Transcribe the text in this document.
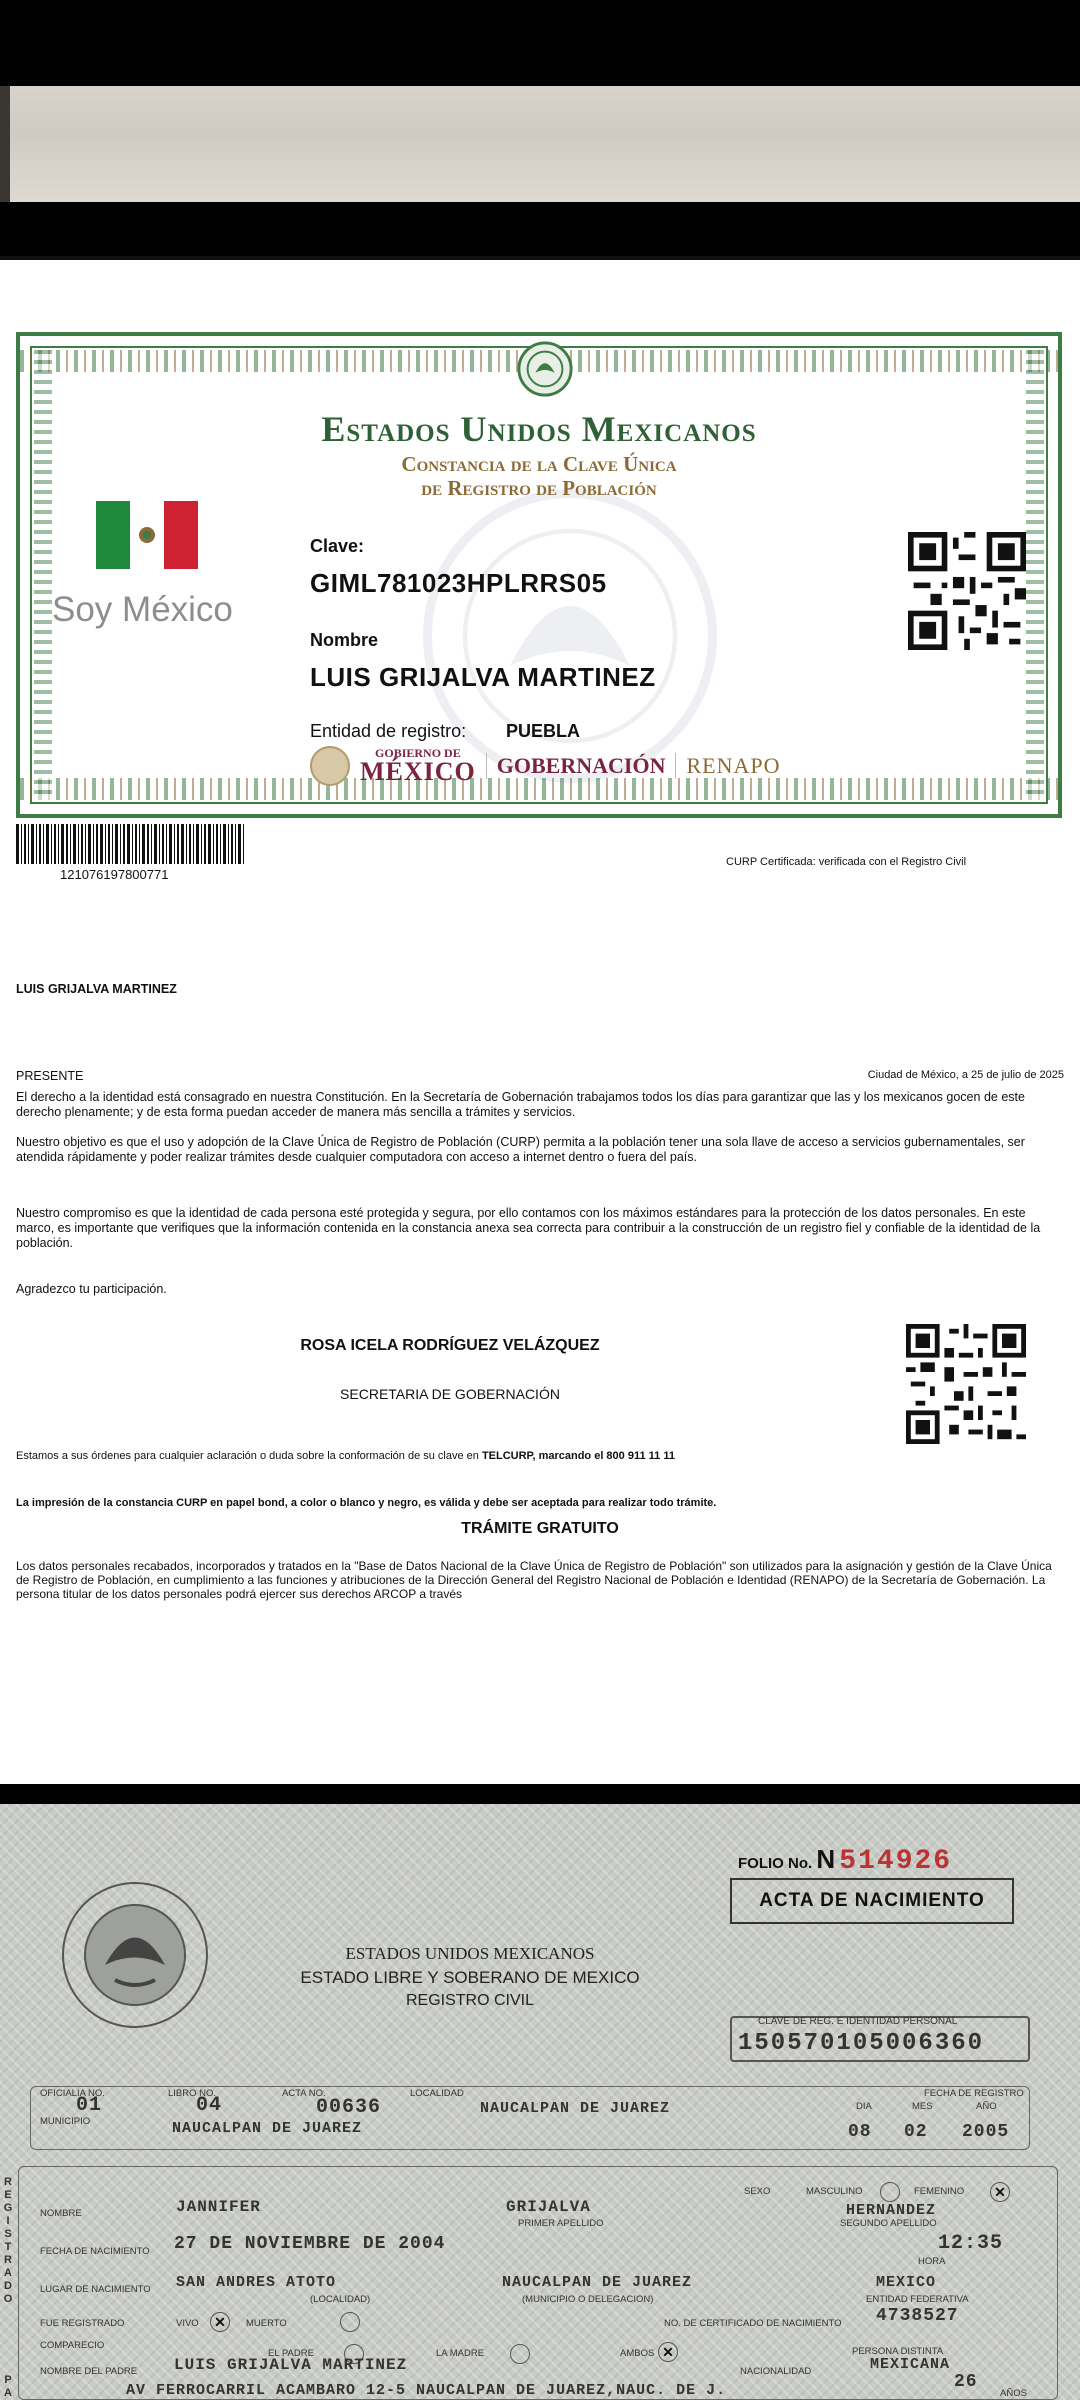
Estados Unidos Mexicanos
Constancia de la Clave Única
de Registro de Población
Soy México
Clave:
GIML781023HPLRRS05
Nombre
LUIS GRIJALVA MARTINEZ
Entidad de registro: PUEBLA
GOBIERNO DE
MÉXICO GOBERNACIÓN RENAPO
121076197800771
CURP Certificada: verificada con el Registro Civil
LUIS GRIJALVA MARTINEZ
PRESENTE	Ciudad de México, a 25 de julio de 2025
El derecho a la identidad está consagrado en nuestra Constitución. En la Secretaría de Gobernación trabajamos todos los días para garantizar que las y los mexicanos gocen de este derecho plenamente; y de esta forma puedan acceder de manera más sencilla a trámites y servicios.
Nuestro objetivo es que el uso y adopción de la Clave Única de Registro de Población (CURP) permita a la población tener una sola llave de acceso a servicios gubernamentales, ser atendida rápidamente y poder realizar trámites desde cualquier computadora con acceso a internet dentro o fuera del país.
Nuestro compromiso es que la identidad de cada persona esté protegida y segura, por ello contamos con los máximos estándares para la protección de los datos personales. En este marco, es importante que verifiques que la información contenida en la constancia anexa sea correcta para contribuir a la construcción de un registro fiel y confiable de la identidad de la población.
Agradezco tu participación.
ROSA ICELA RODRÍGUEZ VELÁZQUEZ
SECRETARIA DE GOBERNACIÓN
Estamos a sus órdenes para cualquier aclaración o duda sobre la conformación de su clave en TELCURP, marcando el 800 911 11 11
La impresión de la constancia CURP en papel bond, a color o blanco y negro, es válida y debe ser aceptada para realizar todo trámite.
TRÁMITE GRATUITO
Los datos personales recabados, incorporados y tratados en la "Base de Datos Nacional de la Clave Única de Registro de Población" son utilizados para la asignación y gestión de la Clave Única de Registro de Población, en cumplimiento a las funciones y atribuciones de la Dirección General del Registro Nacional de Población e Identidad (RENAPO) de la Secretaría de Gobernación. La persona titular de los datos personales podrá ejercer sus derechos ARCOP a través
FOLIO No. N 514926
ACTA DE NACIMIENTO
ESTADOS UNIDOS MEXICANOS
ESTADO LIBRE Y SOBERANO DE MEXICO
REGISTRO CIVIL
CLAVE DE REG. E IDENTIDAD PERSONAL
150570105006360
OFICIALIA NO.
01
LIBRO NO.
04
ACTA NO.
00636
LOCALIDAD
NAUCALPAN DE JUAREZ
MUNICIPIO	NAUCALPAN DE JUAREZ
FECHA DE REGISTRO
DIA	MES	AÑO
08 02 2005
REGISTRADO	NOMBRE	JANNIFER	GRIJALVA
PRIMER APELLIDO
SEXO	MASCULINO	FEMENINO ✕
HERNANDEZ
SEGUNDO APELLIDO
FECHA DE NACIMIENTO 27 DE NOVIEMBRE DE 2004	12:35
HORA
LUGAR DE NACIMIENTO SAN ANDRES ATOTO
(LOCALIDAD)
NAUCALPAN DE JUAREZ
(MUNICIPIO O DELEGACION)
MEXICO
ENTIDAD FEDERATIVA
FUE REGISTRADO	VIVO ✕	MUERTO	NO. DE CERTIFICADO DE NACIMIENTO 4738527
COMPARECIO
EL PADRE	LA MADRE	AMBOS ✕	PERSONA DISTINTA
NOMBRE DEL PADRE LUIS GRIJALVA MARTINEZ	NACIONALIDAD	MEXICANA
26
AÑOS
AV FERROCARRIL ACAMBARO 12-5 NAUCALPAN DE JUAREZ,NAUC. DE J.
PA
